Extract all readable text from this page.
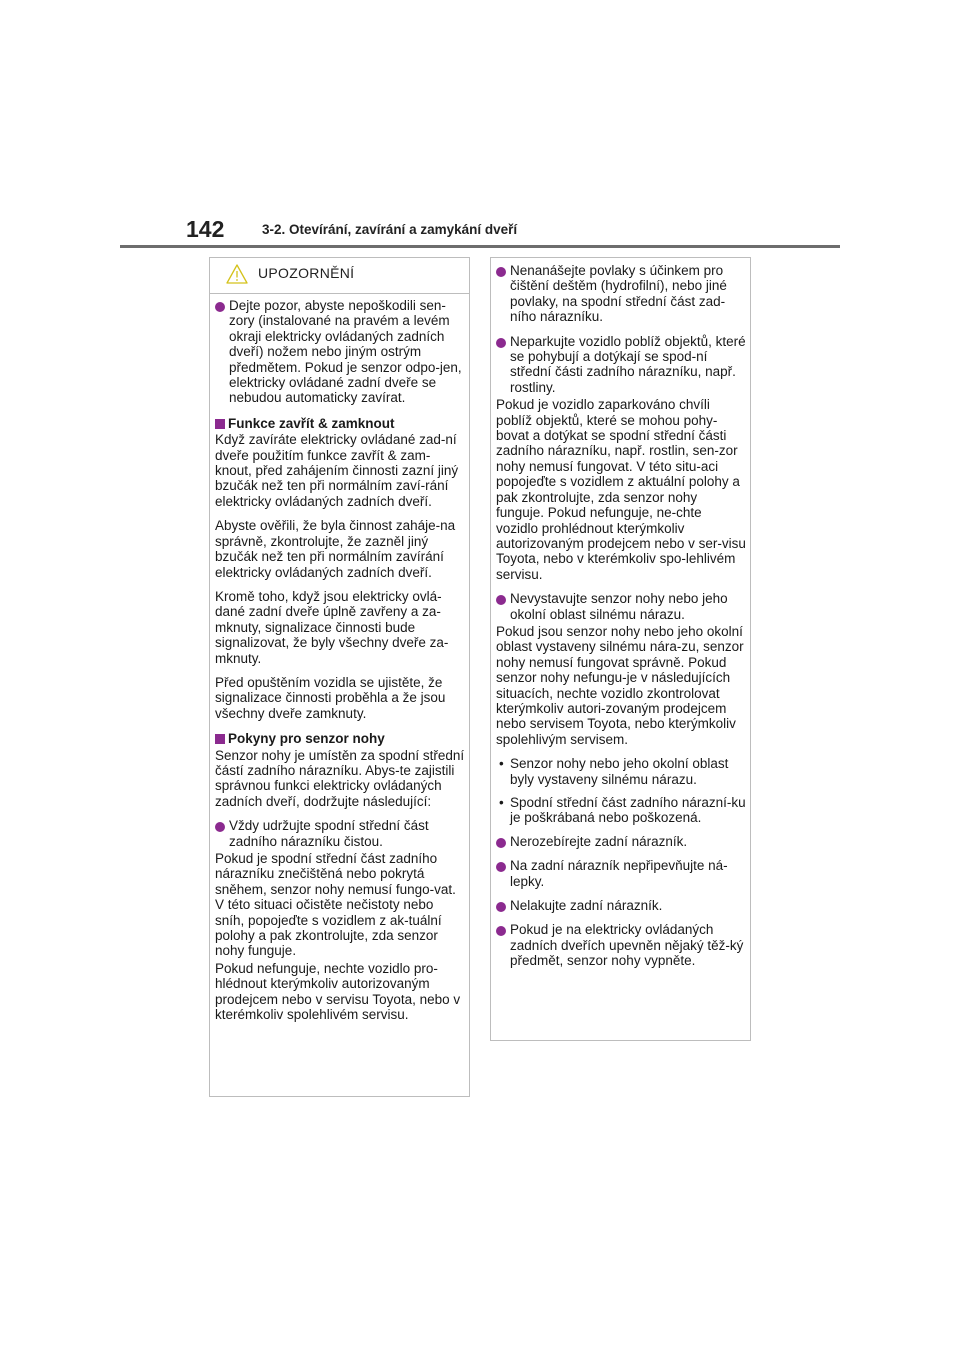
142	3-2. Otevírání, zavírání a zamykání dveří
UPOZORNĚNÍ
Dejte pozor, abyste nepoškodili sen-zory (instalované na pravém a levém okraji elektricky ovládaných zadních dveří) nožem nebo jiným ostrým předmětem. Pokud je senzor odpo-jen, elektricky ovládané zadní dveře se nebudou automaticky zavírat.
Funkce zavřít & zamknout
Když zavíráte elektricky ovládané zad-ní dveře použitím funkce zavřít & zam-knout, před zahájením činnosti zazní jiný bzučák než ten při normálním zaví-rání elektricky ovládaných zadních dveří.
Abyste ověřili, že byla činnost zaháje-na správně, zkontrolujte, že zazněl jiný bzučák než ten při normálním zavírání elektricky ovládaných zadních dveří.
Kromě toho, když jsou elektricky ovlá-dané zadní dveře úplně zavřeny a za-mknuty, signalizace činnosti bude signalizovat, že byly všechny dveře za-mknuty.
Před opuštěním vozidla se ujistěte, že signalizace činnosti proběhla a že jsou všechny dveře zamknuty.
Pokyny pro senzor nohy
Senzor nohy je umístěn za spodní střední částí zadního nárazníku. Abys-te zajistili správnou funkci elektricky ovládaných zadních dveří, dodržujte následující:
Vždy udržujte spodní střední část zadního nárazníku čistou.
Pokud je spodní střední část zadního nárazníku znečištěná nebo pokrytá sněhem, senzor nohy nemusí fungo-vat. V této situaci očistěte nečistoty nebo sníh, popojeďte s vozidlem z ak-tuální polohy a pak zkontrolujte, zda senzor nohy funguje.
Pokud nefunguje, nechte vozidlo pro-hlédnout kterýmkoliv autorizovaným prodejcem nebo v servisu Toyota, nebo v kterémkoliv spolehlivém servisu.
Nenanášejte povlaky s účinkem pro čištění deštěm (hydrofilní), nebo jiné povlaky, na spodní střední část zad-ního nárazníku.
Neparkujte vozidlo poblíž objektů, které se pohybují a dotýkají se spod-ní střední části zadního nárazníku, např. rostliny.
Pokud je vozidlo zaparkováno chvíli poblíž objektů, které se mohou pohy-bovat a dotýkat se spodní střední části zadního nárazníku, např. rostlin, sen-zor nohy nemusí fungovat. V této situ-aci popojeďte s vozidlem z aktuální polohy a pak zkontrolujte, zda senzor nohy funguje. Pokud nefunguje, ne-chte vozidlo prohlédnout kterýmkoliv autorizovaným prodejcem nebo v ser-visu Toyota, nebo v kterémkoliv spo-lehlivém servisu.
Nevystavujte senzor nohy nebo jeho okolní oblast silnému nárazu.
Pokud jsou senzor nohy nebo jeho okolní oblast vystaveny silnému nára-zu, senzor nohy nemusí fungovat správně. Pokud senzor nohy nefungu-je v následujících situacích, nechte vozidlo zkontrolovat kterýmkoliv autori-zovaným prodejcem nebo servisem Toyota, nebo kterýmkoliv spolehlivým servisem.
• Senzor nohy nebo jeho okolní oblast byly vystaveny silnému nárazu.
• Spodní střední část zadního nárazní-ku je poškrábaná nebo poškozená.
Nerozebírejte zadní nárazník.
Na zadní nárazník nepřipevňujte ná-lepky.
Nelakujte zadní nárazník.
Pokud je na elektricky ovládaných zadních dveřích upevněn nějaký těž-ký předmět, senzor nohy vypněte.
